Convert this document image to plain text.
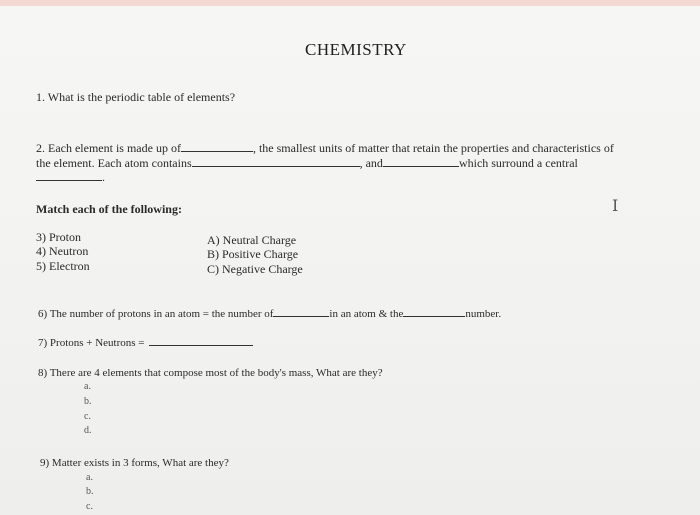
CHEMISTRY
1. What is the periodic table of elements?
2. Each element is made up of	, the smallest units of matter that retain the properties and characteristics of
the element. Each atom contains	, and	which surround a central
.
I
Match each of the following:
3) Proton
4) Neutron
5) Electron
A) Neutral Charge
B) Positive Charge
C) Negative Charge
6) The number of protons in an atom = the number of	in an atom & the	number.
7) Protons + Neutrons =
8) There are 4 elements that compose most of the body's mass, What are they?
a.
b.
c.
d.
9) Matter exists in 3 forms, What are they?
a.
b.
c.
